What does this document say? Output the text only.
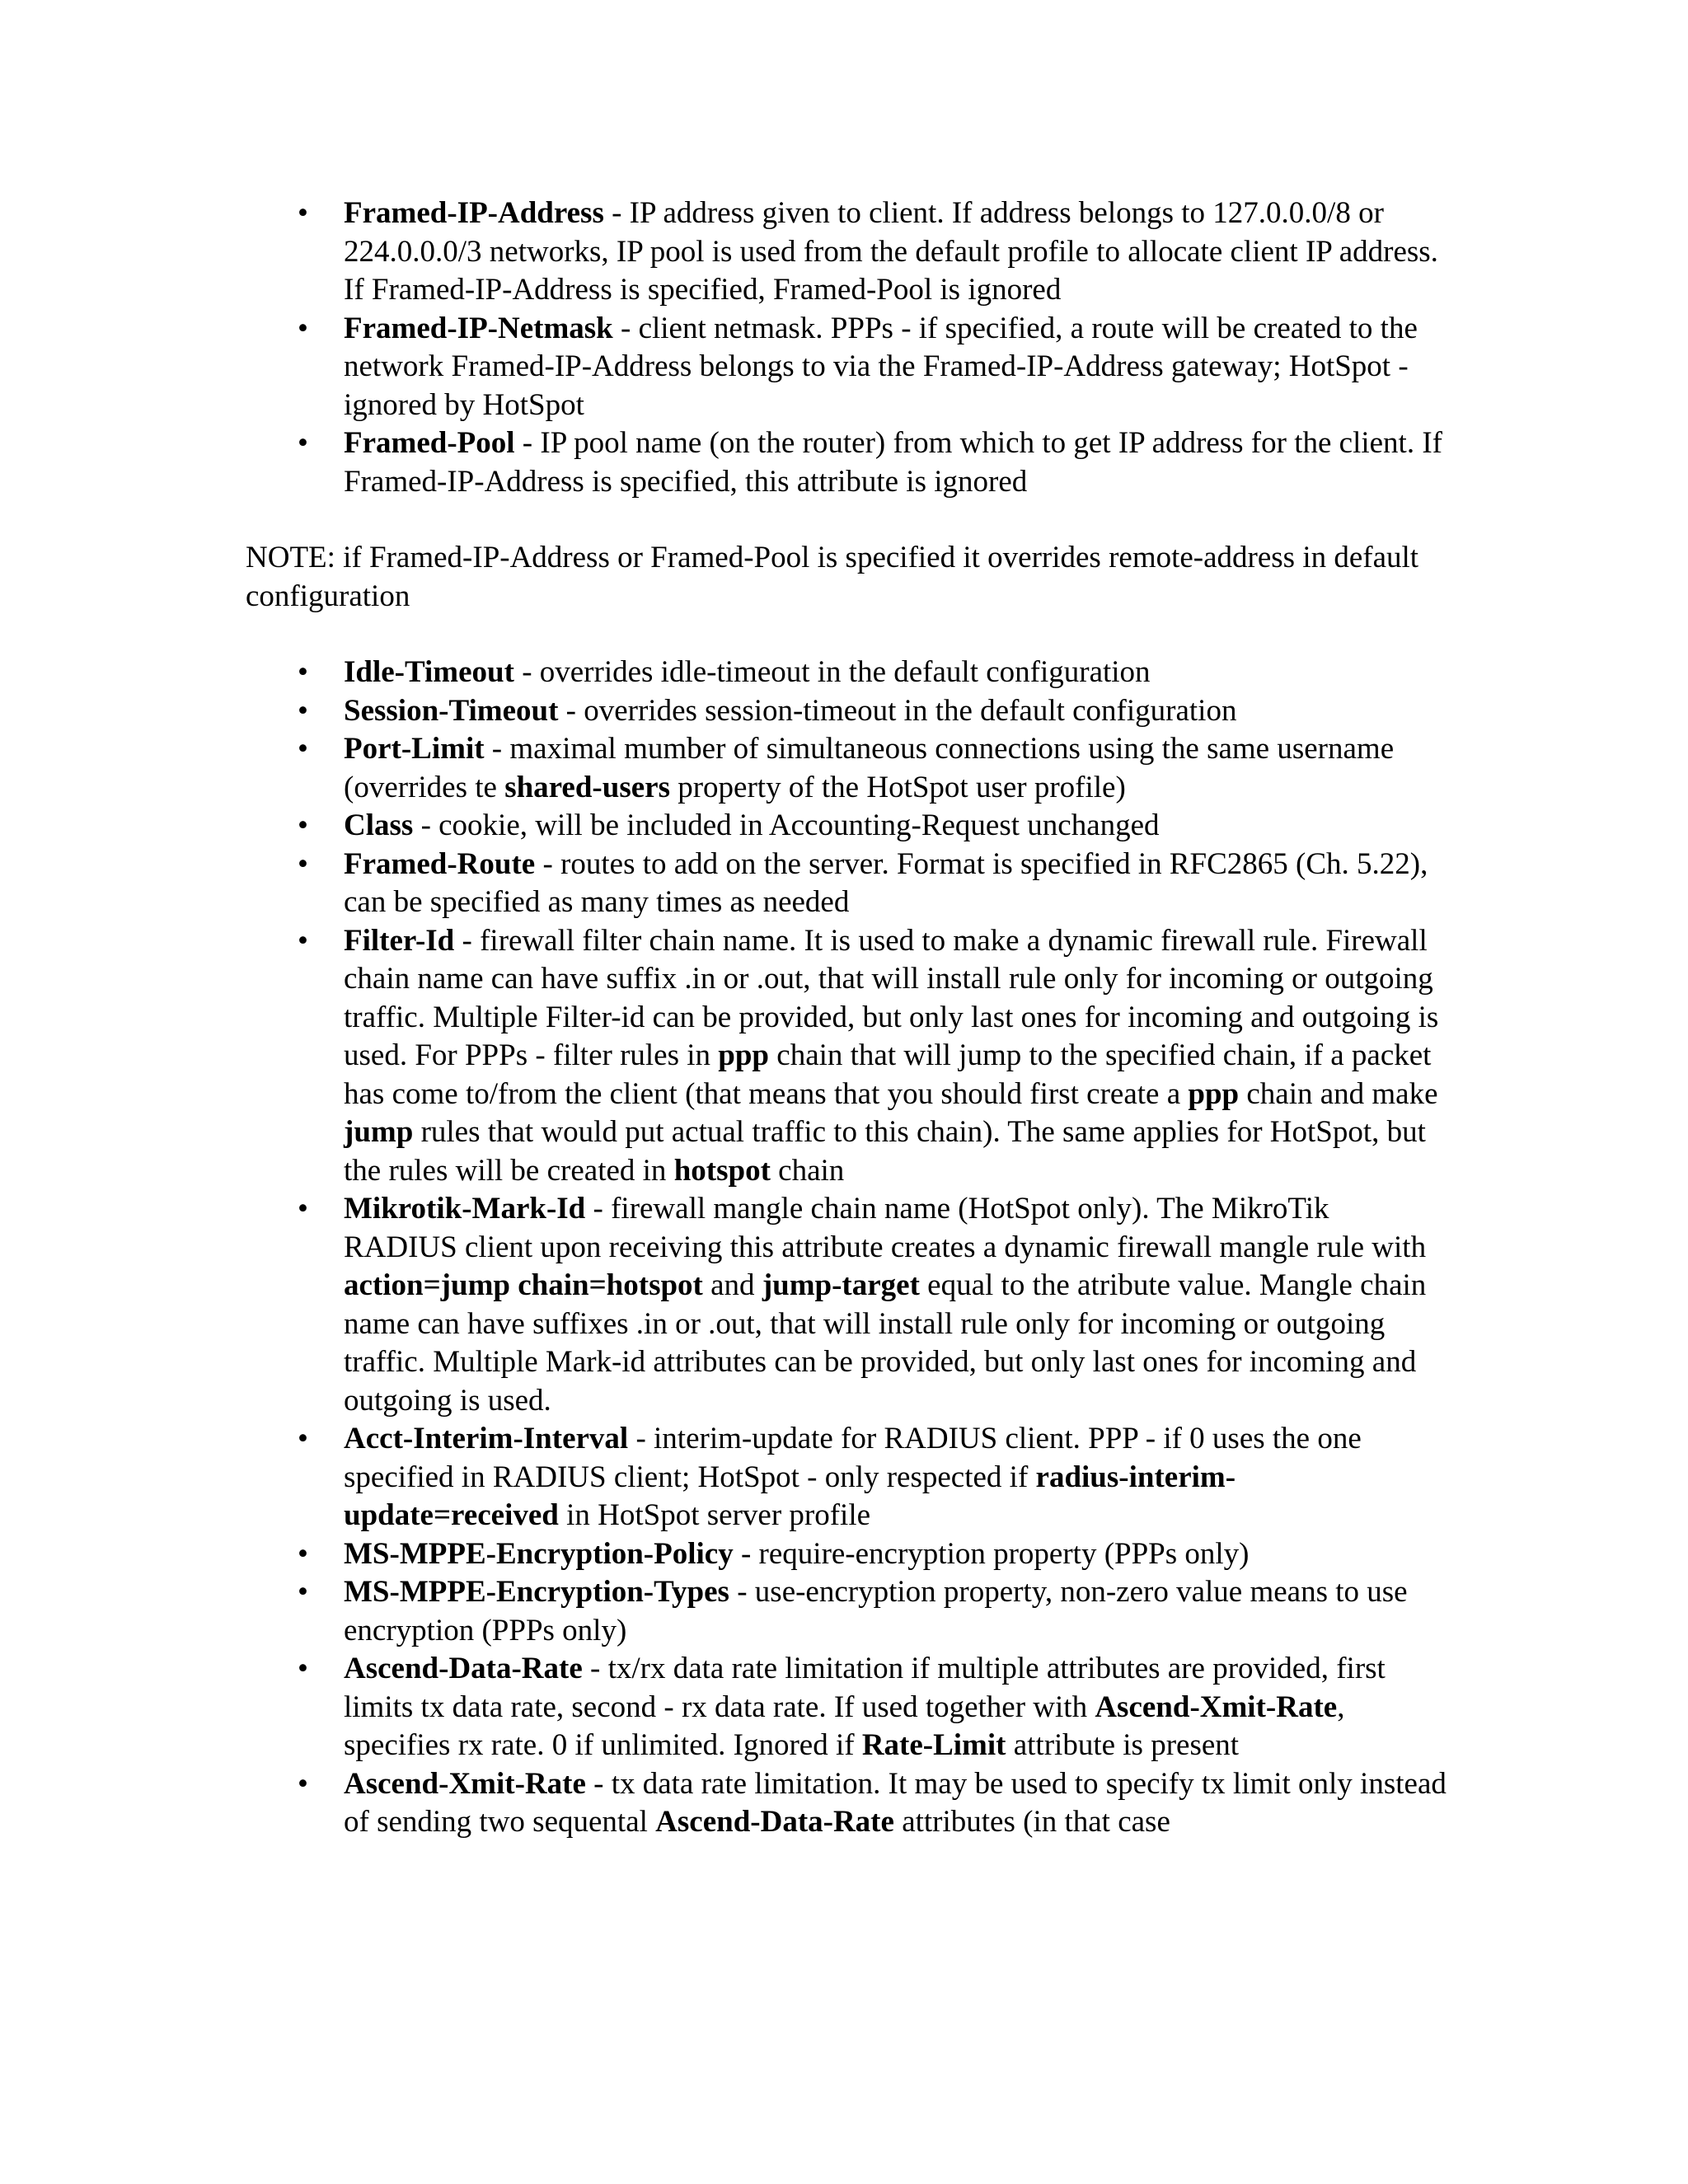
• Framed-IP-Address - IP address given to client. If address belongs to 127.0.0.0/8 or 224.0.0.0/3 networks, IP pool is used from the default profile to allocate client IP address. If Framed-IP-Address is specified, Framed-Pool is ignored
• Framed-IP-Netmask - client netmask. PPPs - if specified, a route will be created to the network Framed-IP-Address belongs to via the Framed-IP-Address gateway; HotSpot - ignored by HotSpot
• Framed-Pool - IP pool name (on the router) from which to get IP address for the client. If Framed-IP-Address is specified, this attribute is ignored

NOTE: if Framed-IP-Address or Framed-Pool is specified it overrides remote-address in default configuration

• Idle-Timeout - overrides idle-timeout in the default configuration
• Session-Timeout - overrides session-timeout in the default configuration
• Port-Limit - maximal mumber of simultaneous connections using the same username (overrides te shared-users property of the HotSpot user profile)
• Class - cookie, will be included in Accounting-Request unchanged
• Framed-Route - routes to add on the server. Format is specified in RFC2865 (Ch. 5.22), can be specified as many times as needed
• Filter-Id - firewall filter chain name. It is used to make a dynamic firewall rule. Firewall chain name can have suffix .in or .out, that will install rule only for incoming or outgoing traffic. Multiple Filter-id can be provided, but only last ones for incoming and outgoing is used. For PPPs - filter rules in ppp chain that will jump to the specified chain, if a packet has come to/from the client (that means that you should first create a ppp chain and make jump rules that would put actual traffic to this chain). The same applies for HotSpot, but the rules will be created in hotspot chain
• Mikrotik-Mark-Id - firewall mangle chain name (HotSpot only). The MikroTik RADIUS client upon receiving this attribute creates a dynamic firewall mangle rule with action=jump chain=hotspot and jump-target equal to the atribute value. Mangle chain name can have suffixes .in or .out, that will install rule only for incoming or outgoing traffic. Multiple Mark-id attributes can be provided, but only last ones for incoming and outgoing is used.
• Acct-Interim-Interval - interim-update for RADIUS client. PPP - if 0 uses the one specified in RADIUS client; HotSpot - only respected if radius-interim-update=received in HotSpot server profile
• MS-MPPE-Encryption-Policy - require-encryption property (PPPs only)
• MS-MPPE-Encryption-Types - use-encryption property, non-zero value means to use encryption (PPPs only)
• Ascend-Data-Rate - tx/rx data rate limitation if multiple attributes are provided, first limits tx data rate, second - rx data rate. If used together with Ascend-Xmit-Rate, specifies rx rate. 0 if unlimited. Ignored if Rate-Limit attribute is present
• Ascend-Xmit-Rate - tx data rate limitation. It may be used to specify tx limit only instead of sending two sequental Ascend-Data-Rate attributes (in that case
